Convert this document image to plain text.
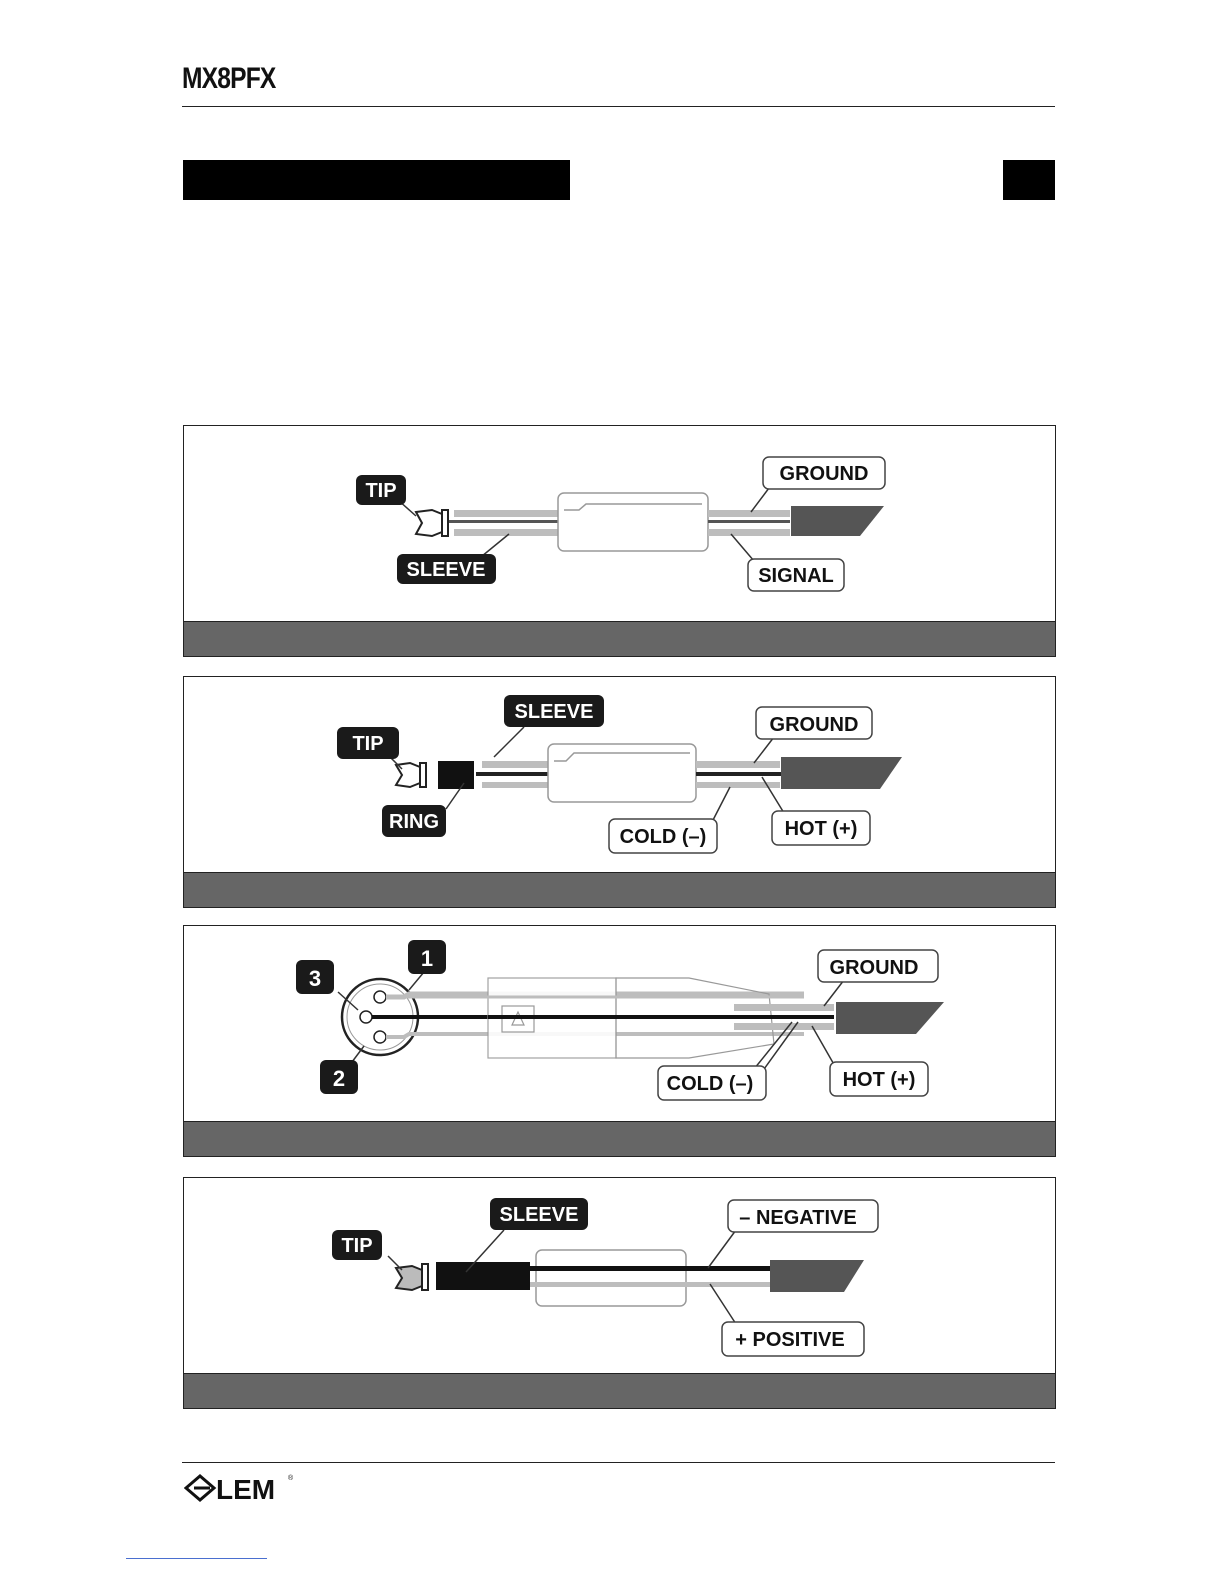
MX8PFX
TIP
SLEEVE
GROUND
SIGNAL
TIP
SLEEVE
RING
GROUND
COLD (–)	HOT (+)
1
3
2
GROUND
COLD (–)	HOT (+)
TIP
SLEEVE	– NEGATIVE
+ POSITIVE
LEM ®
